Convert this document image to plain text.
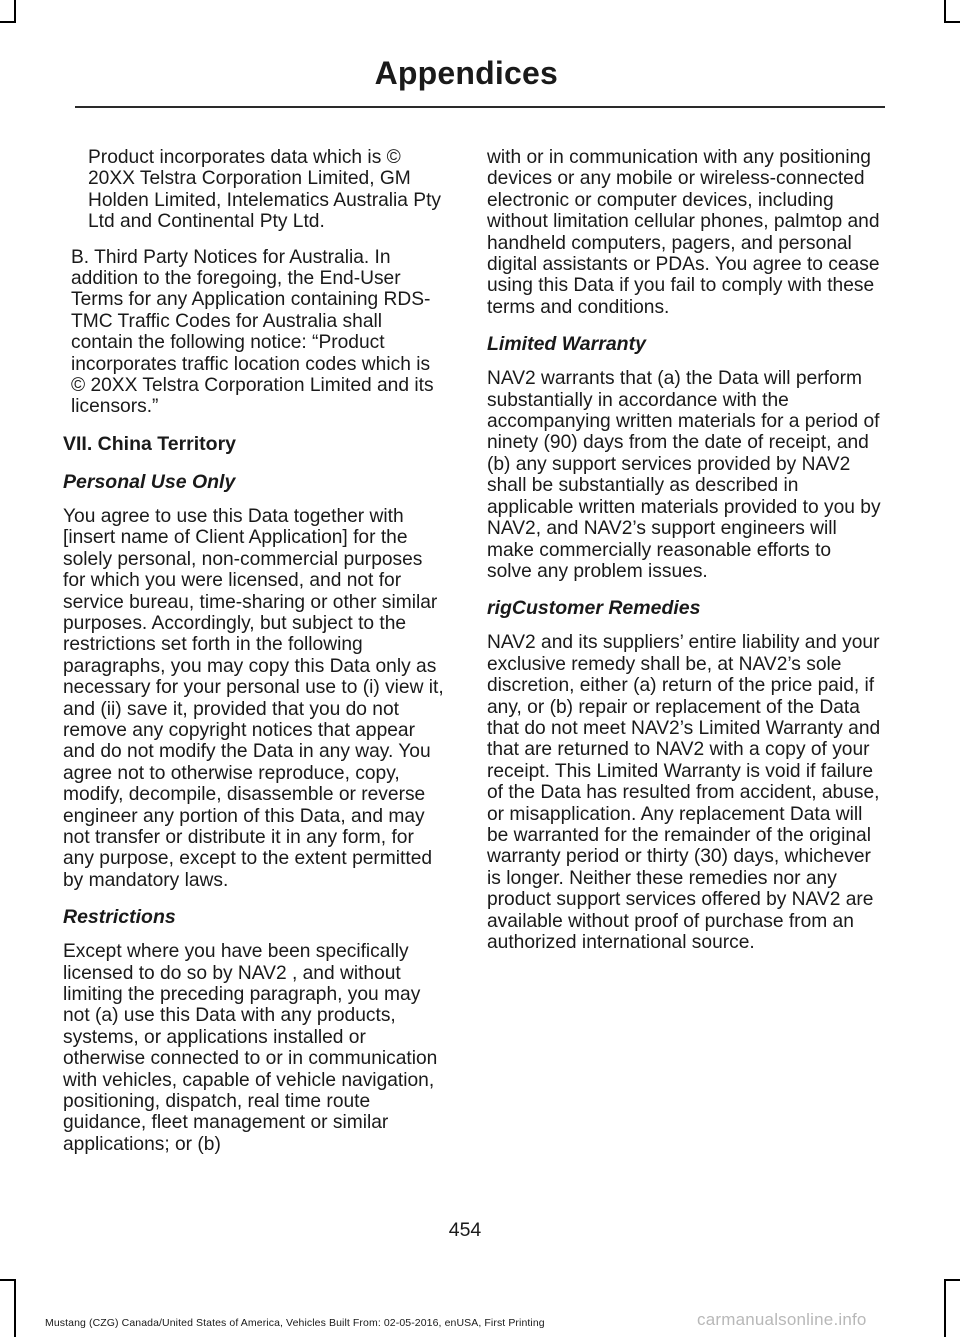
Appendices

Product incorporates data which is © 20XX Telstra Corporation Limited, GM Holden Limited, Intelematics Australia Pty Ltd and Continental Pty Ltd.

B. Third Party Notices for Australia. In addition to the foregoing, the End-User Terms for any Application containing RDS-TMC Traffic Codes for Australia shall contain the following notice: “Product incorporates traffic location codes which is © 20XX Telstra Corporation Limited and its licensors.”

VII. China Territory
Personal Use Only

You agree to use this Data together with [insert name of Client Application] for the solely personal, non-commercial purposes for which you were licensed, and not for service bureau, time-sharing or other similar purposes. Accordingly, but subject to the restrictions set forth in the following paragraphs, you may copy this Data only as necessary for your personal use to (i) view it, and (ii) save it, provided that you do not remove any copyright notices that appear and do not modify the Data in any way. You agree not to otherwise reproduce, copy, modify, decompile, disassemble or reverse engineer any portion of this Data, and may not transfer or distribute it in any form, for any purpose, except to the extent permitted by mandatory laws.

Restrictions

Except where you have been specifically licensed to do so by NAV2 , and without limiting the preceding paragraph, you may not (a) use this Data with any products, systems, or applications installed or otherwise connected to or in communication with vehicles, capable of vehicle navigation, positioning, dispatch, real time route guidance, fleet management or similar applications; or (b)

with or in communication with any positioning devices or any mobile or wireless-connected electronic or computer devices, including without limitation cellular phones, palmtop and handheld computers, pagers, and personal digital assistants or PDAs. You agree to cease using this Data if you fail to comply with these terms and conditions.

Limited Warranty

NAV2 warrants that (a) the Data will perform substantially in accordance with the accompanying written materials for a period of ninety (90) days from the date of receipt, and (b) any support services provided by NAV2 shall be substantially as described in applicable written materials provided to you by NAV2, and NAV2’s support engineers will make commercially reasonable efforts to solve any problem issues.

rigCustomer Remedies

NAV2 and its suppliers’ entire liability and your exclusive remedy shall be, at NAV2’s sole discretion, either (a) return of the price paid, if any, or (b) repair or replacement of the Data that do not meet NAV2’s Limited Warranty and that are returned to NAV2 with a copy of your receipt. This Limited Warranty is void if failure of the Data has resulted from accident, abuse, or misapplication. Any replacement Data will be warranted for the remainder of the original warranty period or thirty (30) days, whichever is longer. Neither these remedies nor any product support services offered by NAV2 are available without proof of purchase from an authorized international source.

454
Mustang (CZG) Canada/United States of America, Vehicles Built From: 02-05-2016, enUSA, First Printing	carmanualsonline.info
